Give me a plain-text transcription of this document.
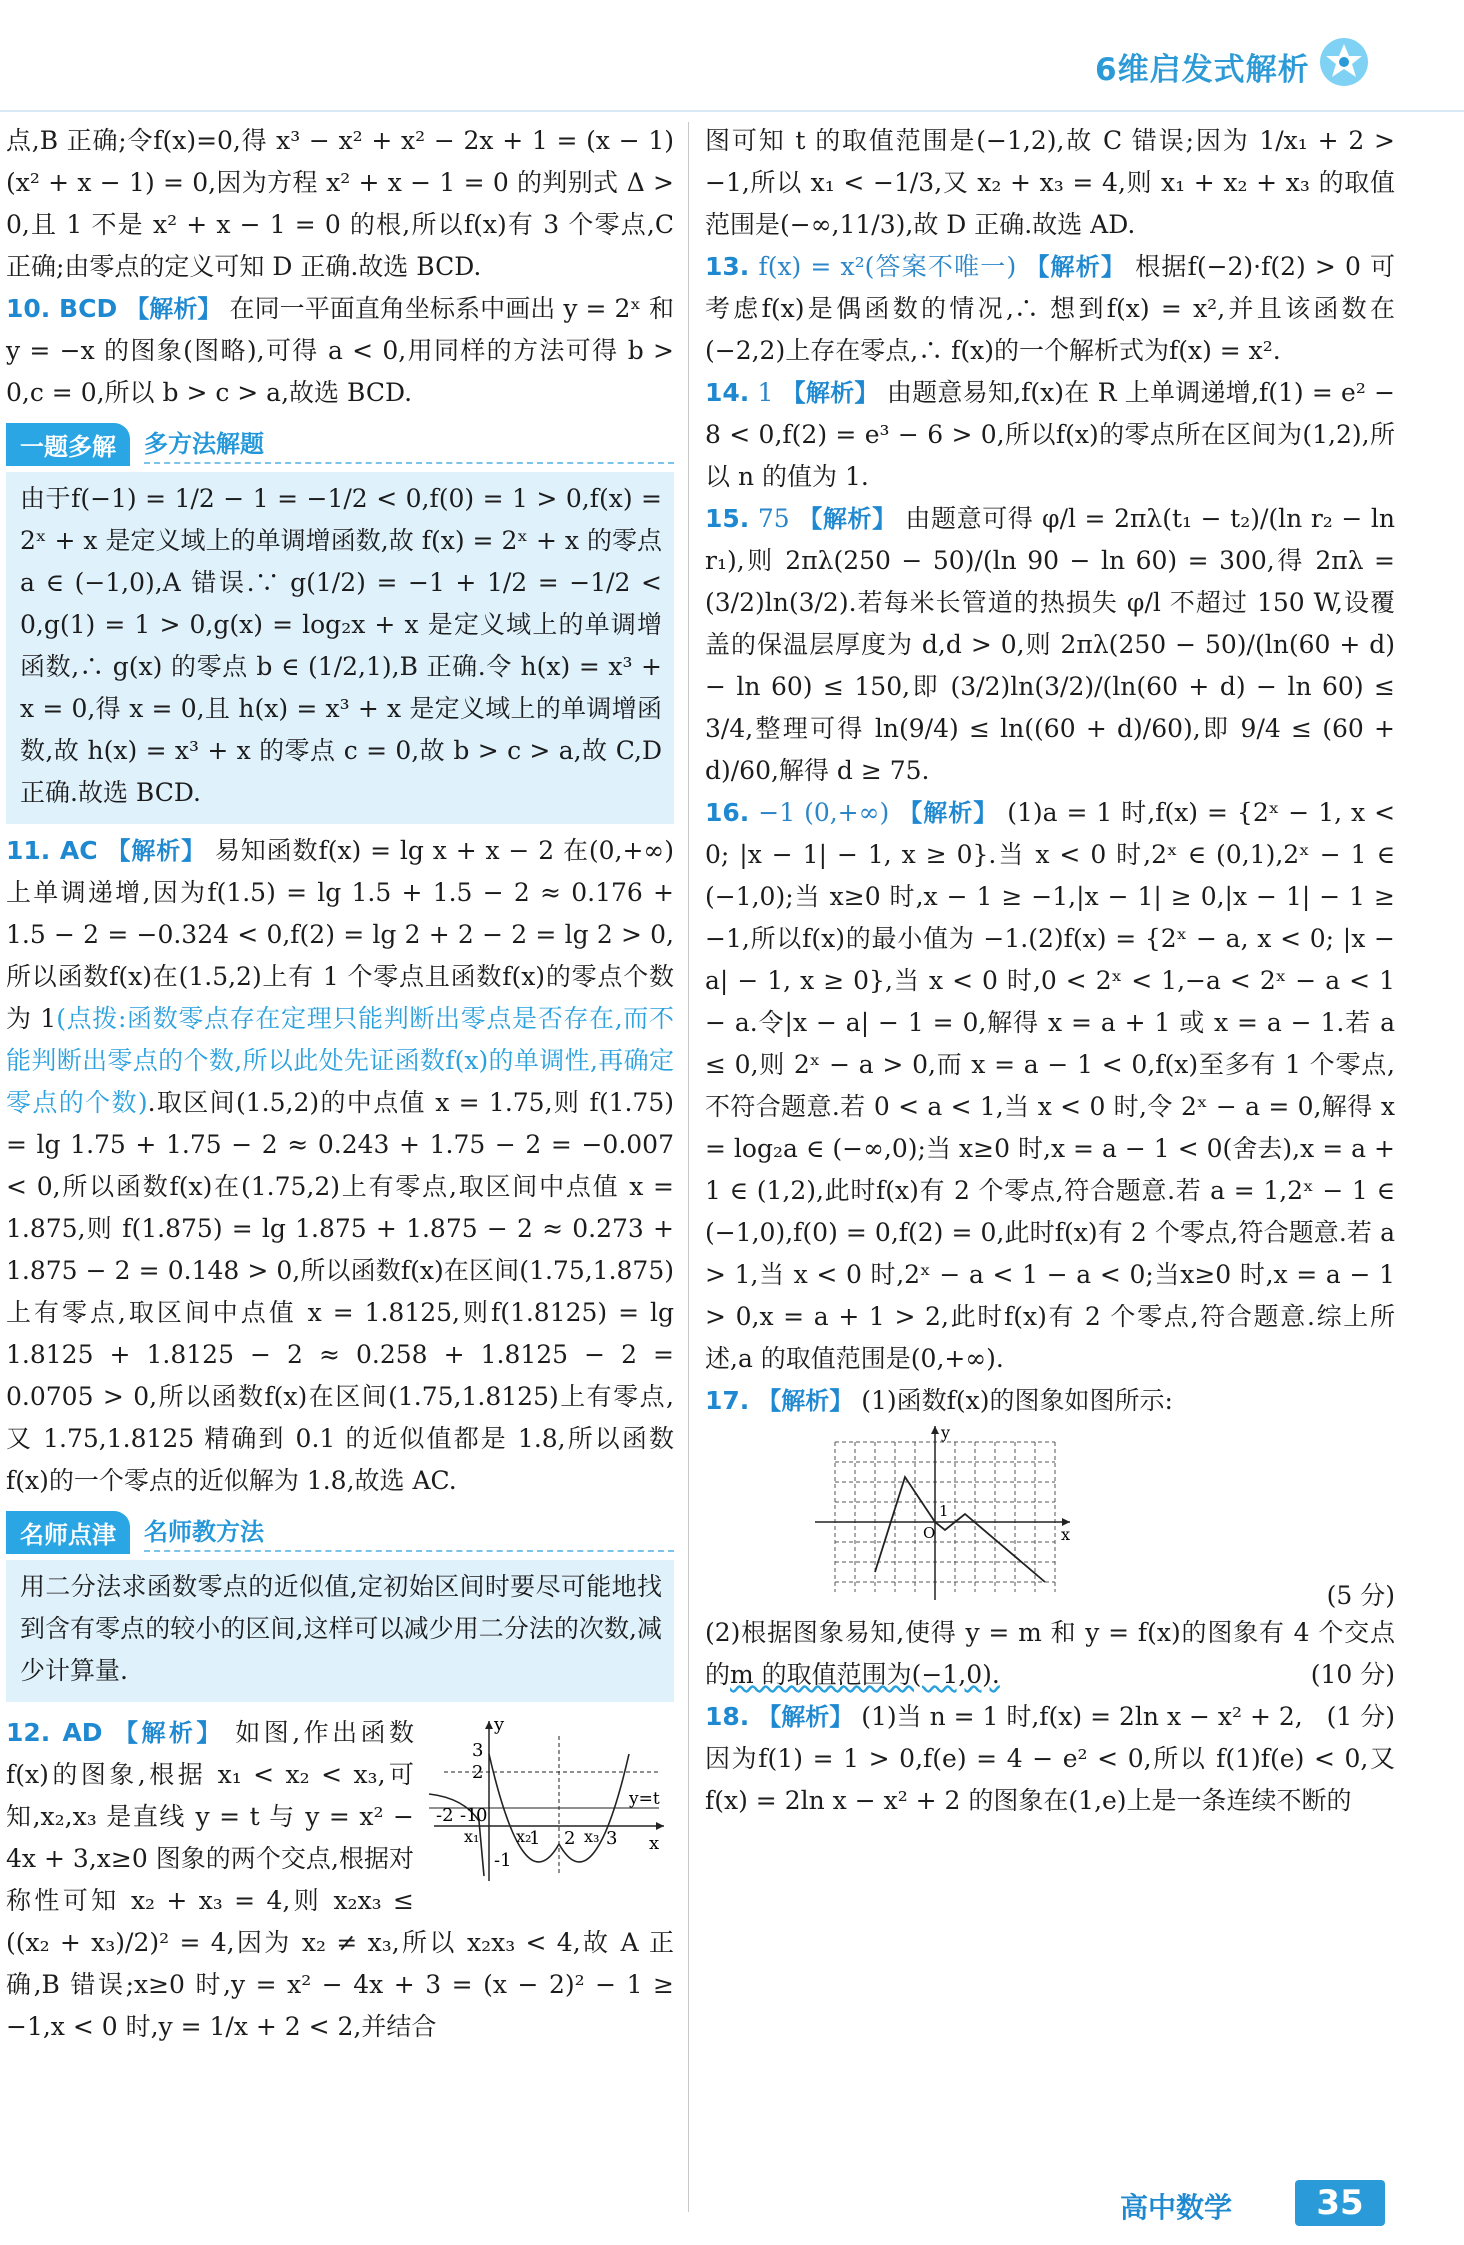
6维启发式解析

点,B 正确;令f(x)=0,得 x³ − x² + x² − 2x + 1 = (x − 1)(x² + x − 1) = 0,因为方程 x² + x − 1 = 0 的判别式 Δ > 0,且 1 不是 x² + x − 1 = 0 的根,所以f(x)有 3 个零点,C 正确;由零点的定义可知 D 正确.故选 BCD.

10. BCD 【解析】 在同一平面直角坐标系中画出 y = 2ˣ 和 y = −x 的图象(图略),可得 a < 0,用同样的方法可得 b > 0,c = 0,所以 b > c > a,故选 BCD.

一题多解	多方法解题

由于f(−1) = 1/2 − 1 = −1/2 < 0,f(0) = 1 > 0,f(x) = 2ˣ + x 是定义域上的单调增函数,故 f(x) = 2ˣ + x 的零点 a ∈ (−1,0),A 错误.∵ g(1/2) = −1 + 1/2 = −1/2 < 0,g(1) = 1 > 0,g(x) = log₂x + x 是定义域上的单调增函数,∴ g(x) 的零点 b ∈ (1/2,1),B 正确.令 h(x) = x³ + x = 0,得 x = 0,且 h(x) = x³ + x 是定义域上的单调增函数,故 h(x) = x³ + x 的零点 c = 0,故 b > c > a,故 C,D 正确.故选 BCD.

11. AC 【解析】 易知函数f(x) = lg x + x − 2 在(0,+∞)上单调递增,因为f(1.5) = lg 1.5 + 1.5 − 2 ≈ 0.176 + 1.5 − 2 = −0.324 < 0,f(2) = lg 2 + 2 − 2 = lg 2 > 0,所以函数f(x)在(1.5,2)上有 1 个零点且函数f(x)的零点个数为 1(点拨:函数零点存在定理只能判断出零点是否存在,而不能判断出零点的个数,所以此处先证函数f(x)的单调性,再确定零点的个数).取区间(1.5,2)的中点值 x = 1.75,则 f(1.75) = lg 1.75 + 1.75 − 2 ≈ 0.243 + 1.75 − 2 = −0.007 < 0,所以函数f(x)在(1.75,2)上有零点,取区间中点值 x = 1.875,则 f(1.875) = lg 1.875 + 1.875 − 2 ≈ 0.273 + 1.875 − 2 = 0.148 > 0,所以函数f(x)在区间(1.75,1.875)上有零点,取区间中点值 x = 1.8125,则f(1.8125) = lg 1.8125 + 1.8125 − 2 ≈ 0.258 + 1.8125 − 2 = 0.0705 > 0,所以函数f(x)在区间(1.75,1.8125)上有零点,又 1.75,1.8125 精确到 0.1 的近似值都是 1.8,所以函数f(x)的一个零点的近似解为 1.8,故选 AC.

名师点津	名师教方法

用二分法求函数零点的近似值,定初始区间时要尽可能地找到含有零点的较小的区间,这样可以减少用二分法的次数,减少计算量.

y
x
y=t
3
2
-2 -1
0
1 2 3
-1
x₁ x₂	x₃

12. AD 【解析】 如图,作出函数 f(x)的图象,根据 x₁ < x₂ < x₃,可知,x₂,x₃ 是直线 y = t 与 y = x² − 4x + 3,x≥0 图象的两个交点,根据对称性可知 x₂ + x₃ = 4,则 x₂x₃ ≤ ((x₂ + x₃)/2)² = 4,因为 x₂ ≠ x₃,所以 x₂x₃ < 4,故 A 正确,B 错误;x≥0 时,y = x² − 4x + 3 = (x − 2)² − 1 ≥ −1,x < 0 时,y = 1/x + 2 < 2,并结合

图可知 t 的取值范围是(−1,2),故 C 错误;因为 1/x₁ + 2 > −1,所以 x₁ < −1/3,又 x₂ + x₃ = 4,则 x₁ + x₂ + x₃ 的取值范围是(−∞,11/3),故 D 正确.故选 AD.

13. f(x) = x²(答案不唯一) 【解析】 根据f(−2)·f(2) > 0 可考虑f(x)是偶函数的情况,∴ 想到f(x) = x²,并且该函数在(−2,2)上存在零点,∴ f(x)的一个解析式为f(x) = x².

14. 1 【解析】 由题意易知,f(x)在 R 上单调递增,f(1) = e² − 8 < 0,f(2) = e³ − 6 > 0,所以f(x)的零点所在区间为(1,2),所以 n 的值为 1.

15. 75 【解析】 由题意可得 φ/l = 2πλ(t₁ − t₂)/(ln r₂ − ln r₁),则 2πλ(250 − 50)/(ln 90 − ln 60) = 300,得 2πλ = (3/2)ln(3/2).若每米长管道的热损失 φ/l 不超过 150 W,设覆盖的保温层厚度为 d,d > 0,则 2πλ(250 − 50)/(ln(60 + d) − ln 60) ≤ 150,即 (3/2)ln(3/2)/(ln(60 + d) − ln 60) ≤ 3/4,整理可得 ln(9/4) ≤ ln((60 + d)/60),即 9/4 ≤ (60 + d)/60,解得 d ≥ 75.

16. −1 (0,+∞) 【解析】 (1)a = 1 时,f(x) = {2ˣ − 1, x < 0; |x − 1| − 1, x ≥ 0}.当 x < 0 时,2ˣ ∈ (0,1),2ˣ − 1 ∈ (−1,0);当 x≥0 时,x − 1 ≥ −1,|x − 1| ≥ 0,|x − 1| − 1 ≥ −1,所以f(x)的最小值为 −1.(2)f(x) = {2ˣ − a, x < 0; |x − a| − 1, x ≥ 0},当 x < 0 时,0 < 2ˣ < 1,−a < 2ˣ − a < 1 − a.令|x − a| − 1 = 0,解得 x = a + 1 或 x = a − 1.若 a ≤ 0,则 2ˣ − a > 0,而 x = a − 1 < 0,f(x)至多有 1 个零点,不符合题意.若 0 < a < 1,当 x < 0 时,令 2ˣ − a = 0,解得 x = log₂a ∈ (−∞,0);当 x≥0 时,x = a − 1 < 0(舍去),x = a + 1 ∈ (1,2),此时f(x)有 2 个零点,符合题意.若 a = 1,2ˣ − 1 ∈ (−1,0),f(0) = 0,f(2) = 0,此时f(x)有 2 个零点,符合题意.若 a > 1,当 x < 0 时,2ˣ − a < 1 − a < 0;当x≥0 时,x = a − 1 > 0,x = a + 1 > 2,此时f(x)有 2 个零点,符合题意.综上所述,a 的取值范围是(0,+∞).

17. 【解析】 (1)函数f(x)的图象如图所示:

y
x
O
1
(5 分)

(2)根据图象易知,使得 y = m 和 y = f(x)的图象有 4 个交点的m 的取值范围为(−1,0).	(10 分)

18. 【解析】 (1)当 n = 1 时,f(x) = 2ln x − x² + 2, (1 分)

因为f(1) = 1 > 0,f(e) = 4 − e² < 0,所以 f(1)f(e) < 0,又f(x) = 2ln x − x² + 2 的图象在(1,e)上是一条连续不断的

高中数学	35
